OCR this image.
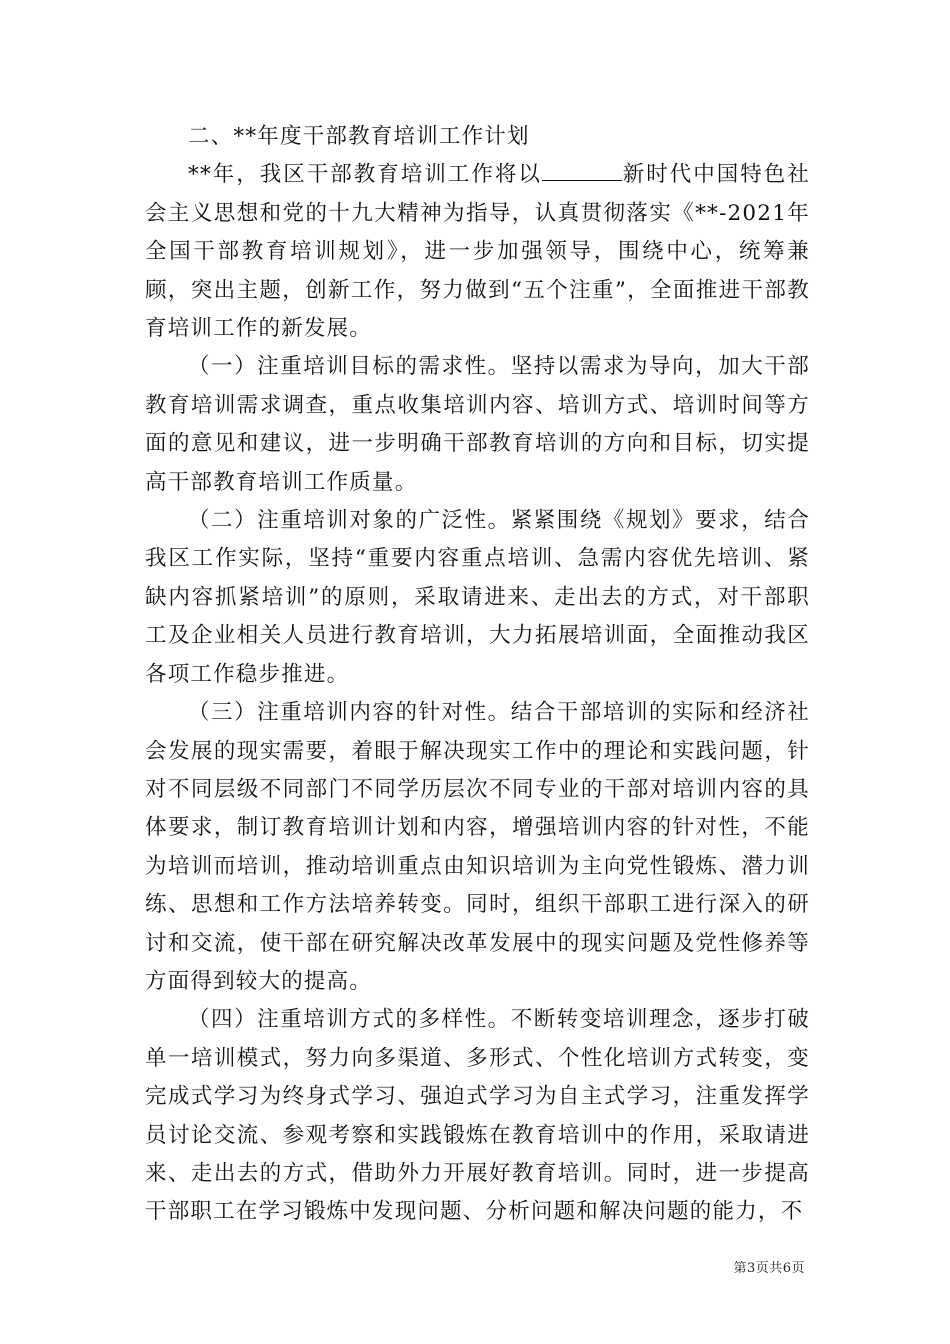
二、**年度干部教育培训工作计划

**年，我区干部教育培训工作将以	新时代中国特色社会主义思想和党的十九大精神为指导，认真贯彻落实《**-2021年全国干部教育培训规划》，进一步加强领导，围绕中心，统筹兼顾，突出主题，创新工作，努力做到“五个注重”，全面推进干部教育培训工作的新发展。

（一）注重培训目标的需求性。坚持以需求为导向，加大干部教育培训需求调查，重点收集培训内容、培训方式、培训时间等方面的意见和建议，进一步明确干部教育培训的方向和目标，切实提高干部教育培训工作质量。

（二）注重培训对象的广泛性。紧紧围绕《规划》要求，结合我区工作实际，坚持“重要内容重点培训、急需内容优先培训、紧缺内容抓紧培训”的原则，采取请进来、走出去的方式，对干部职工及企业相关人员进行教育培训，大力拓展培训面，全面推动我区各项工作稳步推进。

（三）注重培训内容的针对性。结合干部培训的实际和经济社会发展的现实需要，着眼于解决现实工作中的理论和实践问题，针对不同层级不同部门不同学历层次不同专业的干部对培训内容的具体要求，制订教育培训计划和内容，增强培训内容的针对性，不能为培训而培训，推动培训重点由知识培训为主向党性锻炼、潜力训练、思想和工作方法培养转变。同时，组织干部职工进行深入的研讨和交流，使干部在研究解决改革发展中的现实问题及党性修养等方面得到较大的提高。

（四）注重培训方式的多样性。不断转变培训理念，逐步打破单一培训模式，努力向多渠道、多形式、个性化培训方式转变，变完成式学习为终身式学习、强迫式学习为自主式学习，注重发挥学员讨论交流、参观考察和实践锻炼在教育培训中的作用，采取请进来、走出去的方式，借助外力开展好教育培训。同时，进一步提高干部职工在学习锻炼中发现问题、分析问题和解决问题的能力，不

第3页共6页
